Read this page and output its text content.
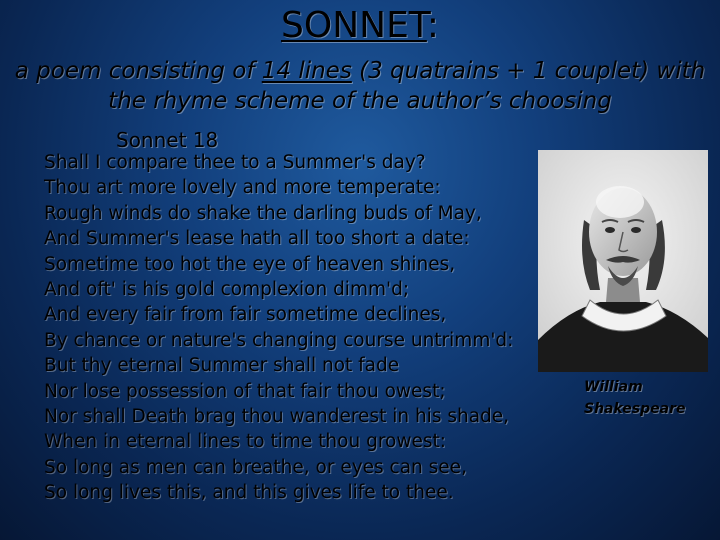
SONNET:
a poem consisting of 14 lines (3 quatrains + 1 couplet) with
the rhyme scheme of the author’s choosing
Sonnet 18
Shall I compare thee to a Summer's day?
Thou art more lovely and more temperate:
Rough winds do shake the darling buds of May,
And Summer's lease hath all too short a date:
Sometime too hot the eye of heaven shines,
And oft' is his gold complexion dimm'd;
And every fair from fair sometime declines,
By chance or nature's changing course untrimm'd:
But thy eternal Summer shall not fade
Nor lose possession of that fair thou owest;
Nor shall Death brag thou wanderest in his shade,
When in eternal lines to time thou growest:
So long as men can breathe, or eyes can see,
So long lives this, and this gives life to thee.
William
Shakespeare
